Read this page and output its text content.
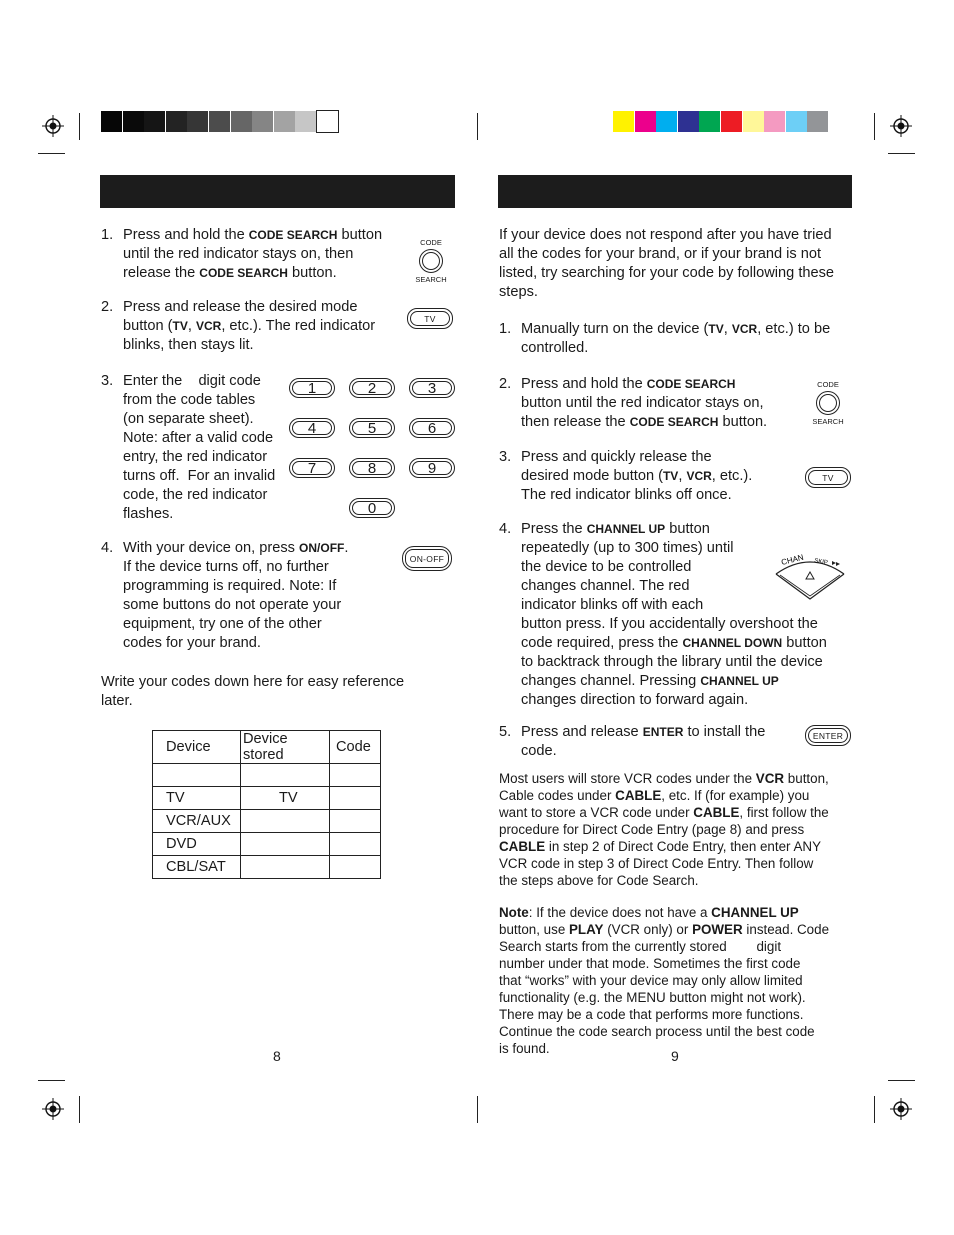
1. Press and hold the CODE SEARCH button
until the red indicator stays on, then
release the CODE SEARCH button.
2. Press and release the desired mode
button (TV, VCR, etc.). The red indicator
blinks, then stays lit.
3. Enter the    digit code
from the code tables
(on separate sheet).
Note: after a valid code
entry, the red indicator
turns off.  For an invalid
code, the red indicator
flashes.
4. With your device on, press ON/OFF.
If the device turns off, no further
programming is required. Note: If
some buttons do not operate your
equipment, try one of the other
codes for your brand.
Write your codes down here for easy reference
later.
Device	Device stored	Code

TV	TV	
VCR/AUX		
DVD		
CBL/SAT		
8
CODE
SEARCH
TV
1	2	3
4	5	6
7	8	9
0
ON-OFF
If your device does not respond after you have tried
all the codes for your brand, or if your brand is not
listed, try searching for your code by following these
steps.
1. Manually turn on the device (TV, VCR, etc.) to be
controlled.
2. Press and hold the CODE SEARCH
button until the red indicator stays on,
then release the CODE SEARCH button.
3. Press and quickly release the
desired mode button (TV, VCR, etc.).
The red indicator blinks off once.
4. Press the CHANNEL UP button
repeatedly (up to 300 times) until
the device to be controlled
changes channel. The red
indicator blinks off with each
button press. If you accidentally overshoot the
code required, press the CHANNEL DOWN button
to backtrack through the library until the device
changes channel. Pressing CHANNEL UP
changes direction to forward again.
5. Press and release ENTER to install the
code.
Most users will store VCR codes under the VCR button,
Cable codes under CABLE, etc. If (for example) you
want to store a VCR code under CABLE, first follow the
procedure for Direct Code Entry (page 8) and press
CABLE in step 2 of Direct Code Entry, then enter ANY
VCR code in step 3 of Direct Code Entry. Then follow
the steps above for Code Search.
Note: If the device does not have a CHANNEL UP
button, use PLAY (VCR only) or POWER instead. Code
Search starts from the currently stored        digit
number under that mode. Sometimes the first code
that “works” with your device may only allow limited
functionality (e.g. the MENU button might not work).
There may be a code that performs more functions.
Continue the code search process until the best code
is found.	9
CODE
SEARCH
TV
CHAN SKIP
ENTER
